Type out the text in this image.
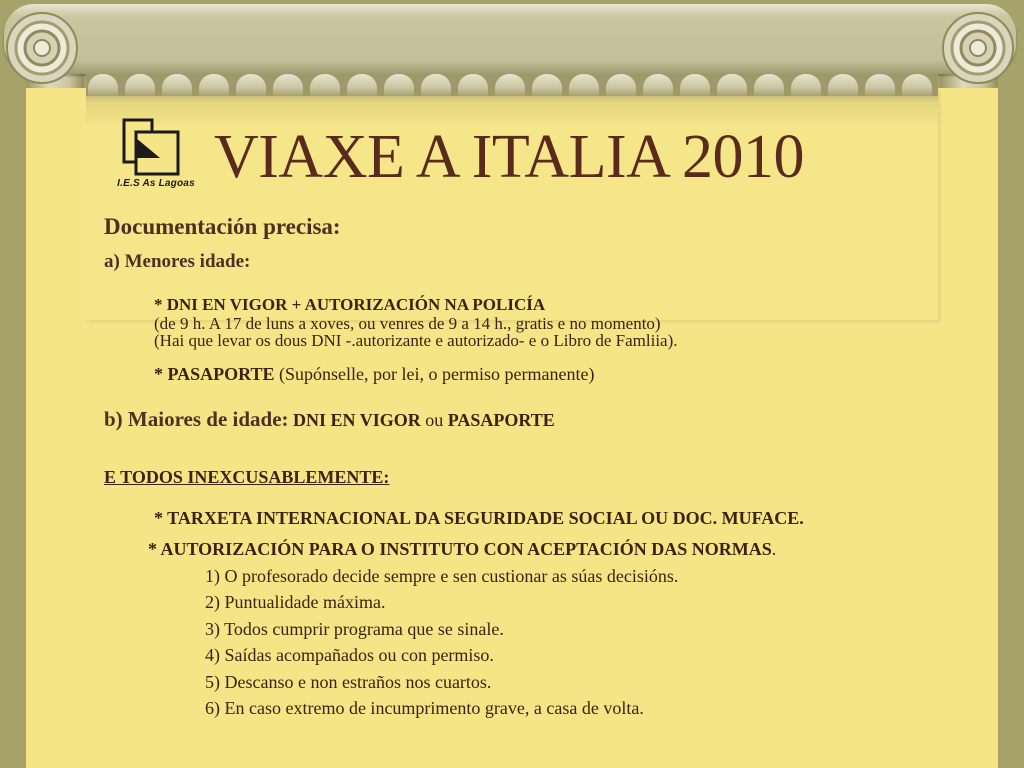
I.E.S As Lagoas VIAXE A ITALIA 2010
Documentación precisa:
a) Menores idade:
* DNI EN VIGOR + AUTORIZACIÓN NA POLICÍA
(de 9 h. A 17 de luns a xoves, ou venres de 9 a 14 h., gratis e no momento)
(Hai que levar os dous DNI -.autorizante e autorizado- e o Libro de Famliia).
* PASAPORTE (Supónselle, por lei, o permiso permanente)
b) Maiores de idade: DNI EN VIGOR ou PASAPORTE
E TODOS INEXCUSABLEMENTE:
* TARXETA INTERNACIONAL DA SEGURIDADE SOCIAL OU DOC. MUFACE.
* AUTORIZACIÓN PARA O INSTITUTO CON ACEPTACIÓN DAS NORMAS.
1) O profesorado decide sempre e sen custionar as súas decisións.
2) Puntualidade máxima.
3) Todos cumprir programa que se sinale.
4) Saídas acompañados ou con permiso.
5) Descanso e non estraños nos cuartos.
6) En caso extremo de incumprimento grave, a casa de volta.
